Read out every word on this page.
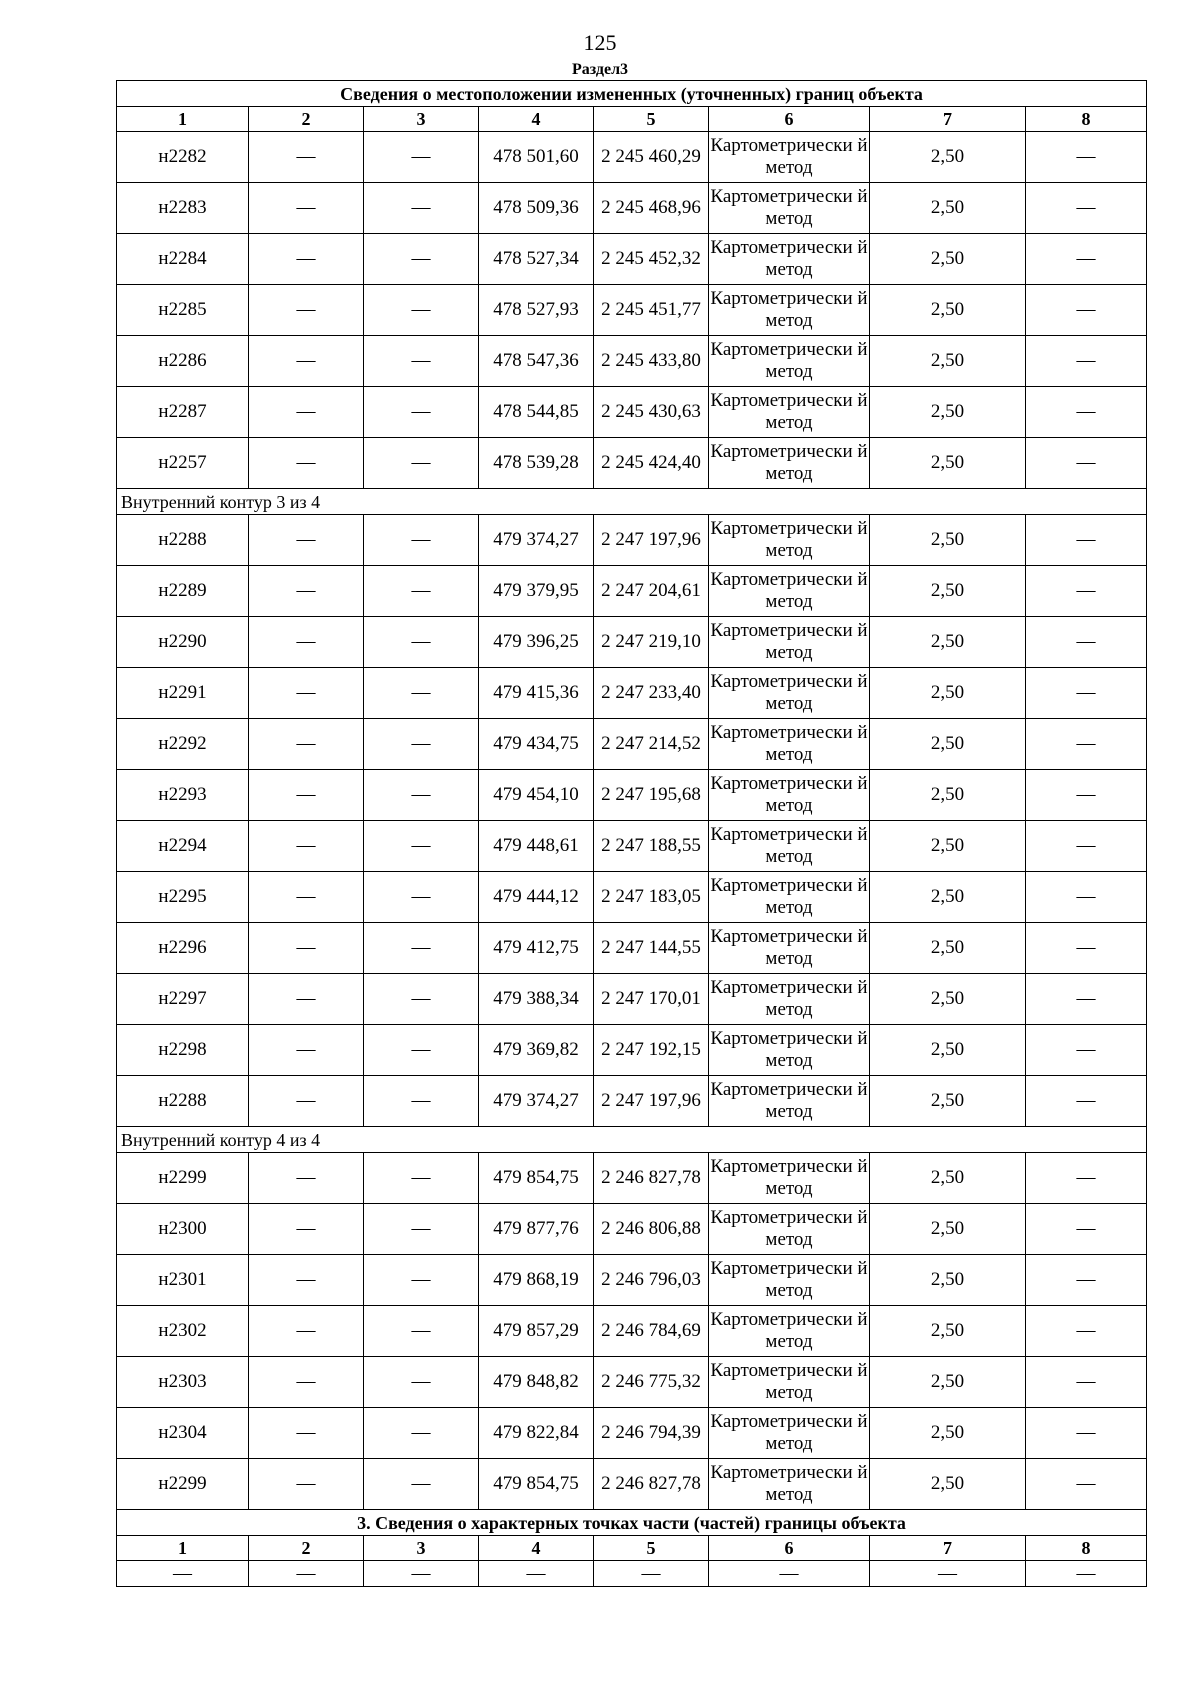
125
Раздел3
Сведения о местоположении измененных (уточненных) границ объекта							
1	2	3	4	5	6	7	8
н2282	—	—	478 501,60	2 245 460,29	Картометрически й метод	2,50	—
н2283	—	—	478 509,36	2 245 468,96	Картометрически й метод	2,50	—
н2284	—	—	478 527,34	2 245 452,32	Картометрически й метод	2,50	—
н2285	—	—	478 527,93	2 245 451,77	Картометрически й метод	2,50	—
н2286	—	—	478 547,36	2 245 433,80	Картометрически й метод	2,50	—
н2287	—	—	478 544,85	2 245 430,63	Картометрически й метод	2,50	—
н2257	—	—	478 539,28	2 245 424,40	Картометрически й метод	2,50	—
Внутренний контур 3 из 4							
н2288	—	—	479 374,27	2 247 197,96	Картометрически й метод	2,50	—
н2289	—	—	479 379,95	2 247 204,61	Картометрически й метод	2,50	—
н2290	—	—	479 396,25	2 247 219,10	Картометрически й метод	2,50	—
н2291	—	—	479 415,36	2 247 233,40	Картометрически й метод	2,50	—
н2292	—	—	479 434,75	2 247 214,52	Картометрически й метод	2,50	—
н2293	—	—	479 454,10	2 247 195,68	Картометрически й метод	2,50	—
н2294	—	—	479 448,61	2 247 188,55	Картометрически й метод	2,50	—
н2295	—	—	479 444,12	2 247 183,05	Картометрически й метод	2,50	—
н2296	—	—	479 412,75	2 247 144,55	Картометрически й метод	2,50	—
н2297	—	—	479 388,34	2 247 170,01	Картометрически й метод	2,50	—
н2298	—	—	479 369,82	2 247 192,15	Картометрически й метод	2,50	—
н2288	—	—	479 374,27	2 247 197,96	Картометрически й метод	2,50	—
Внутренний контур 4 из 4							
н2299	—	—	479 854,75	2 246 827,78	Картометрически й метод	2,50	—
н2300	—	—	479 877,76	2 246 806,88	Картометрически й метод	2,50	—
н2301	—	—	479 868,19	2 246 796,03	Картометрически й метод	2,50	—
н2302	—	—	479 857,29	2 246 784,69	Картометрически й метод	2,50	—
н2303	—	—	479 848,82	2 246 775,32	Картометрически й метод	2,50	—
н2304	—	—	479 822,84	2 246 794,39	Картометрически й метод	2,50	—
н2299	—	—	479 854,75	2 246 827,78	Картометрически й метод	2,50	—
3. Сведения о характерных точках части (частей) границы объекта							
1	2	3	4	5	6	7	8
—	—	—	—	—	—	—	—
